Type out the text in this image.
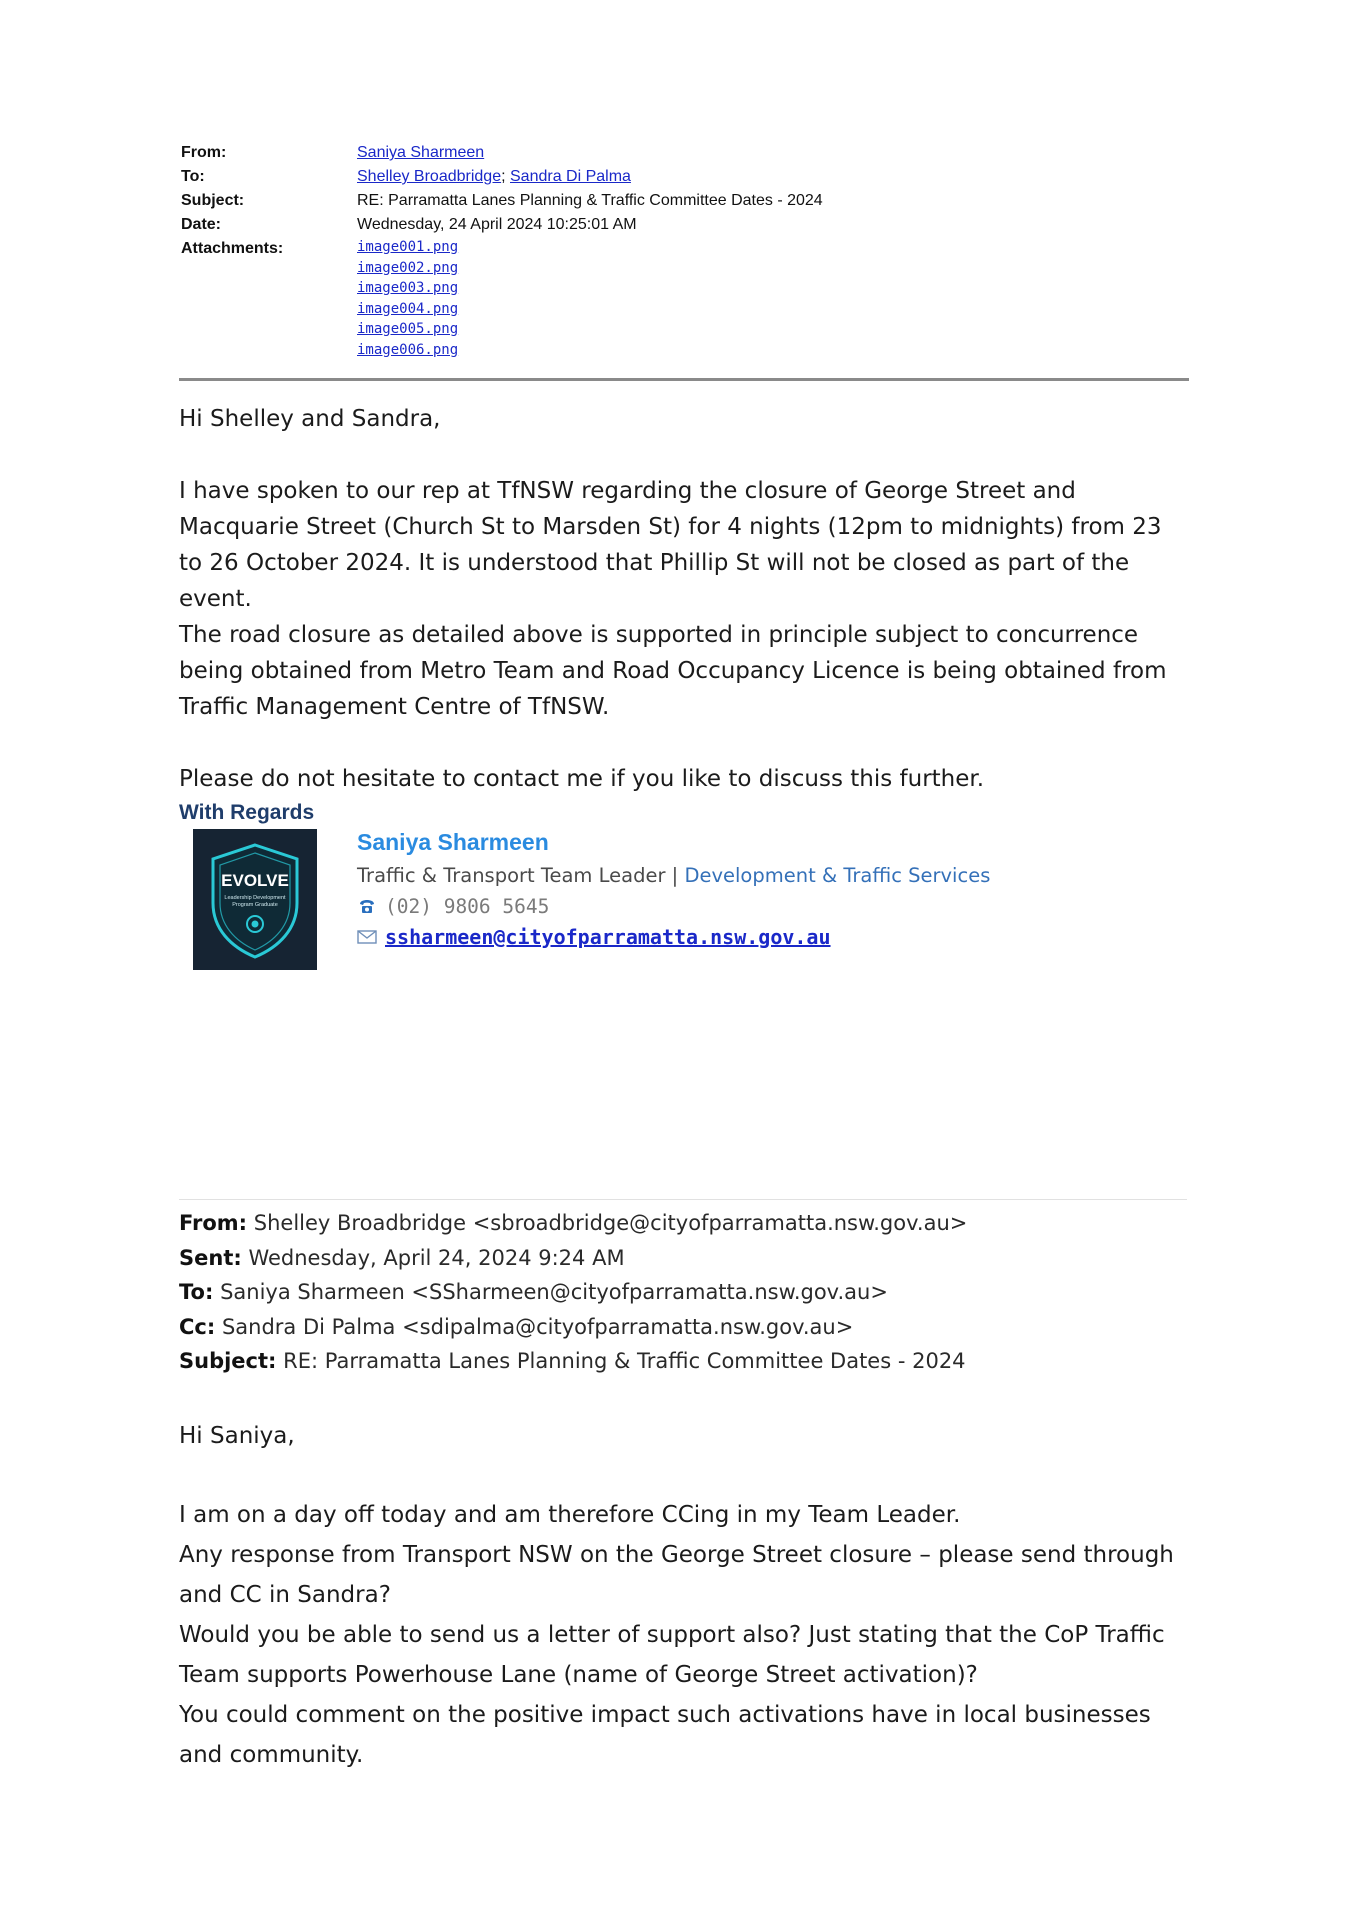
From:	Saniya Sharmeen
To:	Shelley Broadbridge; Sandra Di Palma
Subject:	RE: Parramatta Lanes Planning & Traffic Committee Dates - 2024
Date:	Wednesday, 24 April 2024 10:25:01 AM
Attachments:	image001.png
image002.png
image003.png
image004.png
image005.png
image006.png

Hi Shelley and Sandra,

I have spoken to our rep at TfNSW regarding the closure of George Street and Macquarie Street (Church St to Marsden St) for 4 nights (12pm to midnights) from 23 to 26 October 2024. It is understood that Phillip St will not be closed as part of the event.

The road closure as detailed above is supported in principle subject to concurrence being obtained from Metro Team and Road Occupancy Licence is being obtained from Traffic Management Centre of TfNSW.

Please do not hesitate to contact me if you like to discuss this further.

With Regards
EVOLVE
Leadership Development
Program Graduate
Saniya Sharmeen
Traffic & Transport Team Leader | Development & Traffic Services
(02) 9806 5645
ssharmeen@cityofparramatta.nsw.gov.au
From: Shelley Broadbridge <sbroadbridge@cityofparramatta.nsw.gov.au>
Sent: Wednesday, April 24, 2024 9:24 AM
To: Saniya Sharmeen <SSharmeen@cityofparramatta.nsw.gov.au>
Cc: Sandra Di Palma <sdipalma@cityofparramatta.nsw.gov.au>
Subject: RE: Parramatta Lanes Planning & Traffic Committee Dates - 2024

Hi Saniya,

I am on a day off today and am therefore CCing in my Team Leader.

Any response from Transport NSW on the George Street closure – please send through and CC in Sandra?

Would you be able to send us a letter of support also? Just stating that the CoP Traffic Team supports Powerhouse Lane (name of George Street activation)?

You could comment on the positive impact such activations have in local businesses and community.
